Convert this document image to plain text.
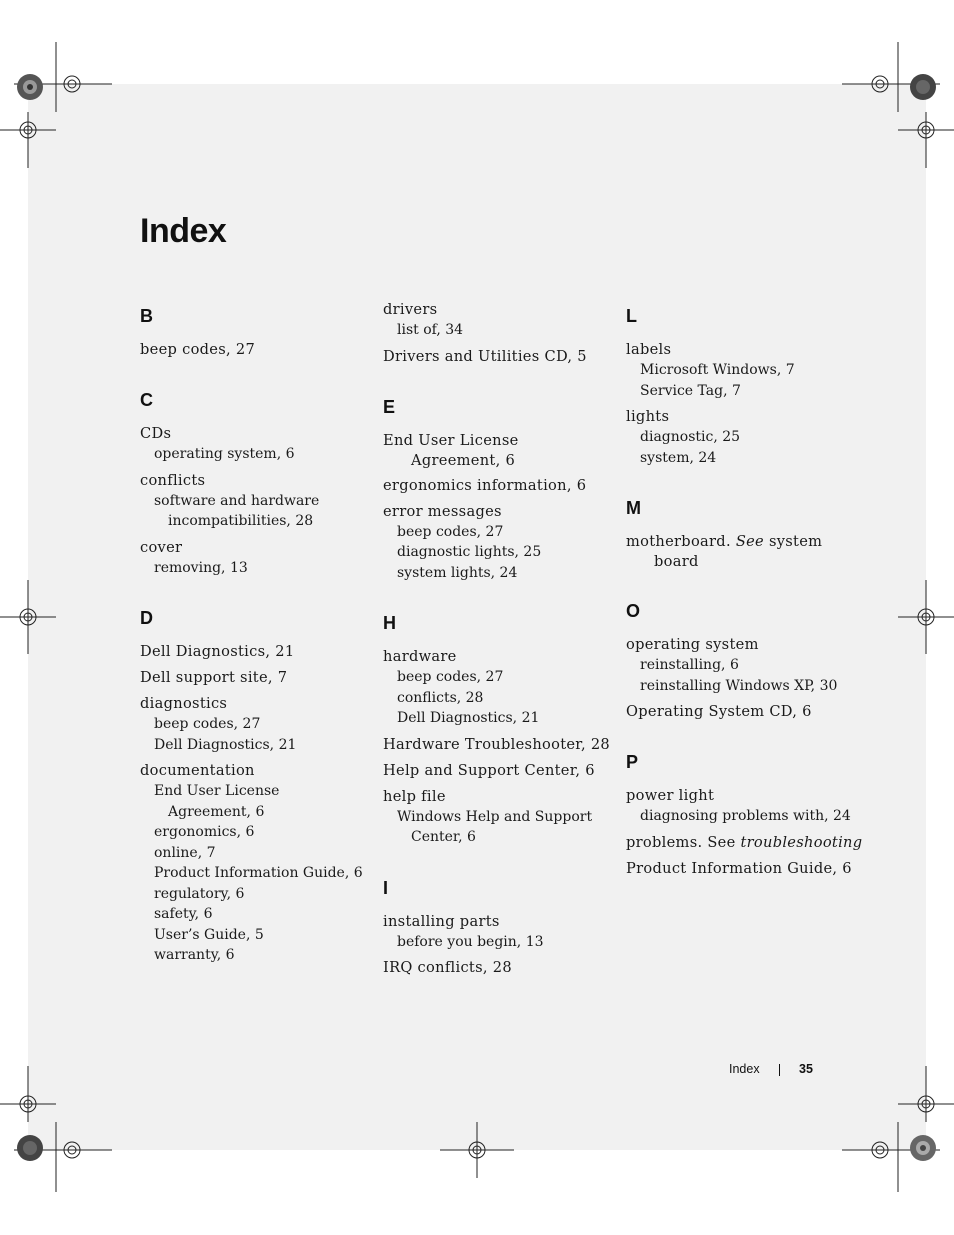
Index
B
beep codes, 27
C
CDs
operating system, 6
conflicts
software and hardware
incompatibilities, 28
cover
removing, 13
D
Dell Diagnostics, 21
Dell support site, 7
diagnostics
beep codes, 27
Dell Diagnostics, 21
documentation
End User License
Agreement, 6
ergonomics, 6
online, 7
Product Information Guide, 6
regulatory, 6
safety, 6
User’s Guide, 5
warranty, 6
drivers
list of, 34
Drivers and Utilities CD, 5
E
End User License
Agreement, 6
ergonomics information, 6
error messages
beep codes, 27
diagnostic lights, 25
system lights, 24
H
hardware
beep codes, 27
conflicts, 28
Dell Diagnostics, 21
Hardware Troubleshooter, 28
Help and Support Center, 6
help file
Windows Help and Support
Center, 6
I
installing parts
before you begin, 13
IRQ conflicts, 28
L
labels
Microsoft Windows, 7
Service Tag, 7
lights
diagnostic, 25
system, 24
M
motherboard. See system
board
O
operating system
reinstalling, 6
reinstalling Windows XP, 30
Operating System CD, 6
P
power light
diagnosing problems with, 24
problems. See troubleshooting
Product Information Guide, 6
Index	35
